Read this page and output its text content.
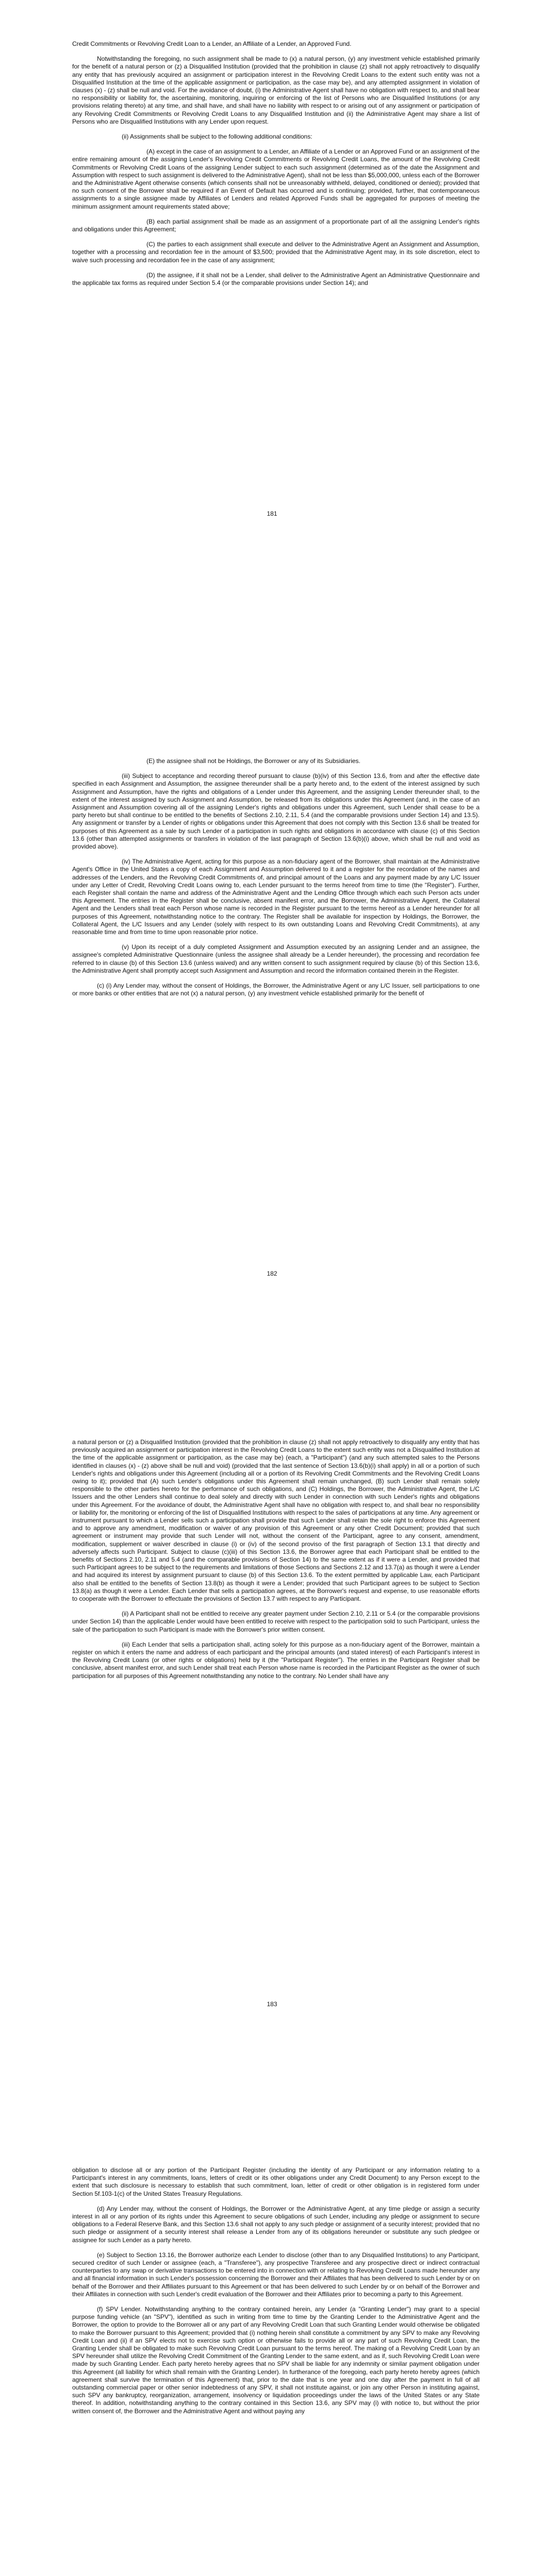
Credit Commitments or Revolving Credit Loan to a Lender, an Affiliate of a Lender, an Approved Fund.

Notwithstanding the foregoing, no such assignment shall be made to (x) a natural person, (y) any investment vehicle established primarily for the benefit of a natural person or (z) a Disqualified Institution (provided that the prohibition in clause (z) shall not apply retroactively to disqualify any entity that has previously acquired an assignment or participation interest in the Revolving Credit Loans to the extent such entity was not a Disqualified Institution at the time of the applicable assignment or participation, as the case may be), and any attempted assignment in violation of clauses (x) - (z) shall be null and void. For the avoidance of doubt, (i) the Administrative Agent shall have no obligation with respect to, and shall bear no responsibility or liability for, the ascertaining, monitoring, inquiring or enforcing of the list of Persons who are Disqualified Institutions (or any provisions relating thereto) at any time, and shall have, and shall have no liability with respect to or arising out of any assignment or participation of any Revolving Credit Commitments or Revolving Credit Loans to any Disqualified Institution and (ii) the Administrative Agent may share a list of Persons who are Disqualified Institutions with any Lender upon request.

(ii) Assignments shall be subject to the following additional conditions:

(A) except in the case of an assignment to a Lender, an Affiliate of a Lender or an Approved Fund or an assignment of the entire remaining amount of the assigning Lender's Revolving Credit Commitments or Revolving Credit Loans, the amount of the Revolving Credit Commitments or Revolving Credit Loans of the assigning Lender subject to each such assignment (determined as of the date the Assignment and Assumption with respect to such assignment is delivered to the Administrative Agent), shall not be less than $5,000,000, unless each of the Borrower and the Administrative Agent otherwise consents (which consents shall not be unreasonably withheld, delayed, conditioned or denied); provided that no such consent of the Borrower shall be required if an Event of Default has occurred and is continuing; provided, further, that contemporaneous assignments to a single assignee made by Affiliates of Lenders and related Approved Funds shall be aggregated for purposes of meeting the minimum assignment amount requirements stated above;

(B) each partial assignment shall be made as an assignment of a proportionate part of all the assigning Lender's rights and obligations under this Agreement;

(C) the parties to each assignment shall execute and deliver to the Administrative Agent an Assignment and Assumption, together with a processing and recordation fee in the amount of $3,500; provided that the Administrative Agent may, in its sole discretion, elect to waive such processing and recordation fee in the case of any assignment;

(D) the assignee, if it shall not be a Lender, shall deliver to the Administrative Agent an Administrative Questionnaire and the applicable tax forms as required under Section 5.4 (or the comparable provisions under Section 14); and

181

(E) the assignee shall not be Holdings, the Borrower or any of its Subsidiaries.

(iii) Subject to acceptance and recording thereof pursuant to clause (b)(iv) of this Section 13.6, from and after the effective date specified in each Assignment and Assumption, the assignee thereunder shall be a party hereto and, to the extent of the interest assigned by such Assignment and Assumption, have the rights and obligations of a Lender under this Agreement, and the assigning Lender thereunder shall, to the extent of the interest assigned by such Assignment and Assumption, be released from its obligations under this Agreement (and, in the case of an Assignment and Assumption covering all of the assigning Lender's rights and obligations under this Agreement, such Lender shall cease to be a party hereto but shall continue to be entitled to the benefits of Sections 2.10, 2.11, 5.4 (and the comparable provisions under Section 14) and 13.5). Any assignment or transfer by a Lender of rights or obligations under this Agreement that does not comply with this Section 13.6 shall be treated for purposes of this Agreement as a sale by such Lender of a participation in such rights and obligations in accordance with clause (c) of this Section 13.6 (other than attempted assignments or transfers in violation of the last paragraph of Section 13.6(b)(i) above, which shall be null and void as provided above).

(iv) The Administrative Agent, acting for this purpose as a non-fiduciary agent of the Borrower, shall maintain at the Administrative Agent's Office in the United States a copy of each Assignment and Assumption delivered to it and a register for the recordation of the names and addresses of the Lenders, and the Revolving Credit Commitments of, and principal amount of the Loans and any payment made by any L/C Issuer under any Letter of Credit, Revolving Credit Loans owing to, each Lender pursuant to the terms hereof from time to time (the "Register"). Further, each Register shall contain the name and address of the Administrative Agent and the Lending Office through which each such Person acts under this Agreement. The entries in the Register shall be conclusive, absent manifest error, and the Borrower, the Administrative Agent, the Collateral Agent and the Lenders shall treat each Person whose name is recorded in the Register pursuant to the terms hereof as a Lender hereunder for all purposes of this Agreement, notwithstanding notice to the contrary. The Register shall be available for inspection by Holdings, the Borrower, the Collateral Agent, the L/C Issuers and any Lender (solely with respect to its own outstanding Loans and Revolving Credit Commitments), at any reasonable time and from time to time upon reasonable prior notice.

(v) Upon its receipt of a duly completed Assignment and Assumption executed by an assigning Lender and an assignee, the assignee's completed Administrative Questionnaire (unless the assignee shall already be a Lender hereunder), the processing and recordation fee referred to in clause (b) of this Section 13.6 (unless waived) and any written consent to such assignment required by clause (b) of this Section 13.6, the Administrative Agent shall promptly accept such Assignment and Assumption and record the information contained therein in the Register.

(c) (i) Any Lender may, without the consent of Holdings, the Borrower, the Administrative Agent or any L/C Issuer, sell participations to one or more banks or other entities that are not (x) a natural person, (y) any investment vehicle established primarily for the benefit of

182

a natural person or (z) a Disqualified Institution (provided that the prohibition in clause (z) shall not apply retroactively to disqualify any entity that has previously acquired an assignment or participation interest in the Revolving Credit Loans to the extent such entity was not a Disqualified Institution at the time of the applicable assignment or participation, as the case may be) (each, a "Participant") (and any such attempted sales to the Persons identified in clauses (x) - (z) above shall be null and void) (provided that the last sentence of Section 13.6(b)(i) shall apply) in all or a portion of such Lender's rights and obligations under this Agreement (including all or a portion of its Revolving Credit Commitments and the Revolving Credit Loans owing to it); provided that (A) such Lender's obligations under this Agreement shall remain unchanged, (B) such Lender shall remain solely responsible to the other parties hereto for the performance of such obligations, and (C) Holdings, the Borrower, the Administrative Agent, the L/C Issuers and the other Lenders shall continue to deal solely and directly with such Lender in connection with such Lender's rights and obligations under this Agreement. For the avoidance of doubt, the Administrative Agent shall have no obligation with respect to, and shall bear no responsibility or liability for, the monitoring or enforcing of the list of Disqualified Institutions with respect to the sales of participations at any time. Any agreement or instrument pursuant to which a Lender sells such a participation shall provide that such Lender shall retain the sole right to enforce this Agreement and to approve any amendment, modification or waiver of any provision of this Agreement or any other Credit Document; provided that such agreement or instrument may provide that such Lender will not, without the consent of the Participant, agree to any consent, amendment, modification, supplement or waiver described in clause (i) or (iv) of the second proviso of the first paragraph of Section 13.1 that directly and adversely affects such Participant. Subject to clause (c)(iii) of this Section 13.6, the Borrower agree that each Participant shall be entitled to the benefits of Sections 2.10, 2.11 and 5.4 (and the comparable provisions of Section 14) to the same extent as if it were a Lender, and provided that such Participant agrees to be subject to the requirements and limitations of those Sections and Sections 2.12 and 13.7(a) as though it were a Lender and had acquired its interest by assignment pursuant to clause (b) of this Section 13.6. To the extent permitted by applicable Law, each Participant also shall be entitled to the benefits of Section 13.8(b) as though it were a Lender; provided that such Participant agrees to be subject to Section 13.8(a) as though it were a Lender. Each Lender that sells a participation agrees, at the Borrower's request and expense, to use reasonable efforts to cooperate with the Borrower to effectuate the provisions of Section 13.7 with respect to any Participant.

(ii) A Participant shall not be entitled to receive any greater payment under Section 2.10, 2.11 or 5.4 (or the comparable provisions under Section 14) than the applicable Lender would have been entitled to receive with respect to the participation sold to such Participant, unless the sale of the participation to such Participant is made with the Borrower's prior written consent.

(iii) Each Lender that sells a participation shall, acting solely for this purpose as a non-fiduciary agent of the Borrower, maintain a register on which it enters the name and address of each participant and the principal amounts (and stated interest) of each Participant's interest in the Revolving Credit Loans (or other rights or obligations) held by it (the "Participant Register"). The entries in the Participant Register shall be conclusive, absent manifest error, and such Lender shall treat each Person whose name is recorded in the Participant Register as the owner of such participation for all purposes of this Agreement notwithstanding any notice to the contrary. No Lender shall have any

183

obligation to disclose all or any portion of the Participant Register (including the identity of any Participant or any information relating to a Participant's interest in any commitments, loans, letters of credit or its other obligations under any Credit Document) to any Person except to the extent that such disclosure is necessary to establish that such commitment, loan, letter of credit or other obligation is in registered form under Section 5f.103-1(c) of the United States Treasury Regulations.

(d) Any Lender may, without the consent of Holdings, the Borrower or the Administrative Agent, at any time pledge or assign a security interest in all or any portion of its rights under this Agreement to secure obligations of such Lender, including any pledge or assignment to secure obligations to a Federal Reserve Bank, and this Section 13.6 shall not apply to any such pledge or assignment of a security interest; provided that no such pledge or assignment of a security interest shall release a Lender from any of its obligations hereunder or substitute any such pledgee or assignee for such Lender as a party hereto.

(e) Subject to Section 13.16, the Borrower authorize each Lender to disclose (other than to any Disqualified Institutions) to any Participant, secured creditor of such Lender or assignee (each, a "Transferee"), any prospective Transferee and any prospective direct or indirect contractual counterparties to any swap or derivative transactions to be entered into in connection with or relating to Revolving Credit Loans made hereunder any and all financial information in such Lender's possession concerning the Borrower and their Affiliates that has been delivered to such Lender by or on behalf of the Borrower and their Affiliates pursuant to this Agreement or that has been delivered to such Lender by or on behalf of the Borrower and their Affiliates in connection with such Lender's credit evaluation of the Borrower and their Affiliates prior to becoming a party to this Agreement.

(f) SPV Lender. Notwithstanding anything to the contrary contained herein, any Lender (a "Granting Lender") may grant to a special purpose funding vehicle (an "SPV"), identified as such in writing from time to time by the Granting Lender to the Administrative Agent and the Borrower, the option to provide to the Borrower all or any part of any Revolving Credit Loan that such Granting Lender would otherwise be obligated to make the Borrower pursuant to this Agreement; provided that (i) nothing herein shall constitute a commitment by any SPV to make any Revolving Credit Loan and (ii) if an SPV elects not to exercise such option or otherwise fails to provide all or any part of such Revolving Credit Loan, the Granting Lender shall be obligated to make such Revolving Credit Loan pursuant to the terms hereof. The making of a Revolving Credit Loan by an SPV hereunder shall utilize the Revolving Credit Commitment of the Granting Lender to the same extent, and as if, such Revolving Credit Loan were made by such Granting Lender. Each party hereto hereby agrees that no SPV shall be liable for any indemnity or similar payment obligation under this Agreement (all liability for which shall remain with the Granting Lender). In furtherance of the foregoing, each party hereto hereby agrees (which agreement shall survive the termination of this Agreement) that, prior to the date that is one year and one day after the payment in full of all outstanding commercial paper or other senior indebtedness of any SPV, it shall not institute against, or join any other Person in instituting against, such SPV any bankruptcy, reorganization, arrangement, insolvency or liquidation proceedings under the laws of the United States or any State thereof. In addition, notwithstanding anything to the contrary contained in this Section 13.6, any SPV may (i) with notice to, but without the prior written consent of, the Borrower and the Administrative Agent and without paying any
